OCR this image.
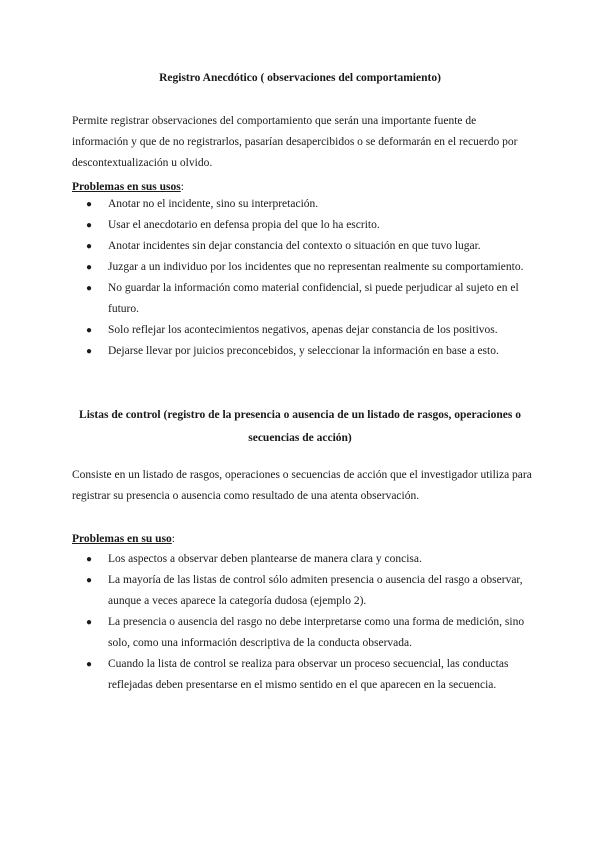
Registro Anecdótico ( observaciones del comportamiento)

Permite registrar observaciones del comportamiento que serán una importante fuente de información y que de no registrarlos, pasarían desapercibidos o se deformarán en el recuerdo por descontextualización u olvido.

Problemas en sus usos:
● Anotar no el incidente, sino su interpretación.
● Usar el anecdotario en defensa propia del que lo ha escrito.
● Anotar incidentes sin dejar constancia del contexto o situación en que tuvo lugar.
● Juzgar a un individuo por los incidentes que no representan realmente su comportamiento.
● No guardar la información como material confidencial, si puede perjudicar al sujeto en el futuro.
● Solo reflejar los acontecimientos negativos, apenas dejar constancia de los positivos.
● Dejarse llevar por juicios preconcebidos, y seleccionar la información en base a esto.
Listas de control (registro de la presencia o ausencia de un listado de rasgos, operaciones o secuencias de acción)

Consiste en un listado de rasgos, operaciones o secuencias de acción que el investigador utiliza para registrar su presencia o ausencia como resultado de una atenta observación.

Problemas en su uso:
● Los aspectos a observar deben plantearse de manera clara y concisa.
● La mayoría de las listas de control sólo admiten presencia o ausencia del rasgo a observar, aunque a veces aparece la categoría dudosa (ejemplo 2).
● La presencia o ausencia del rasgo no debe interpretarse como una forma de medición, sino solo, como una información descriptiva de la conducta observada.
● Cuando la lista de control se realiza para observar un proceso secuencial, las conductas reflejadas deben presentarse en el mismo sentido en el que aparecen en la secuencia.
